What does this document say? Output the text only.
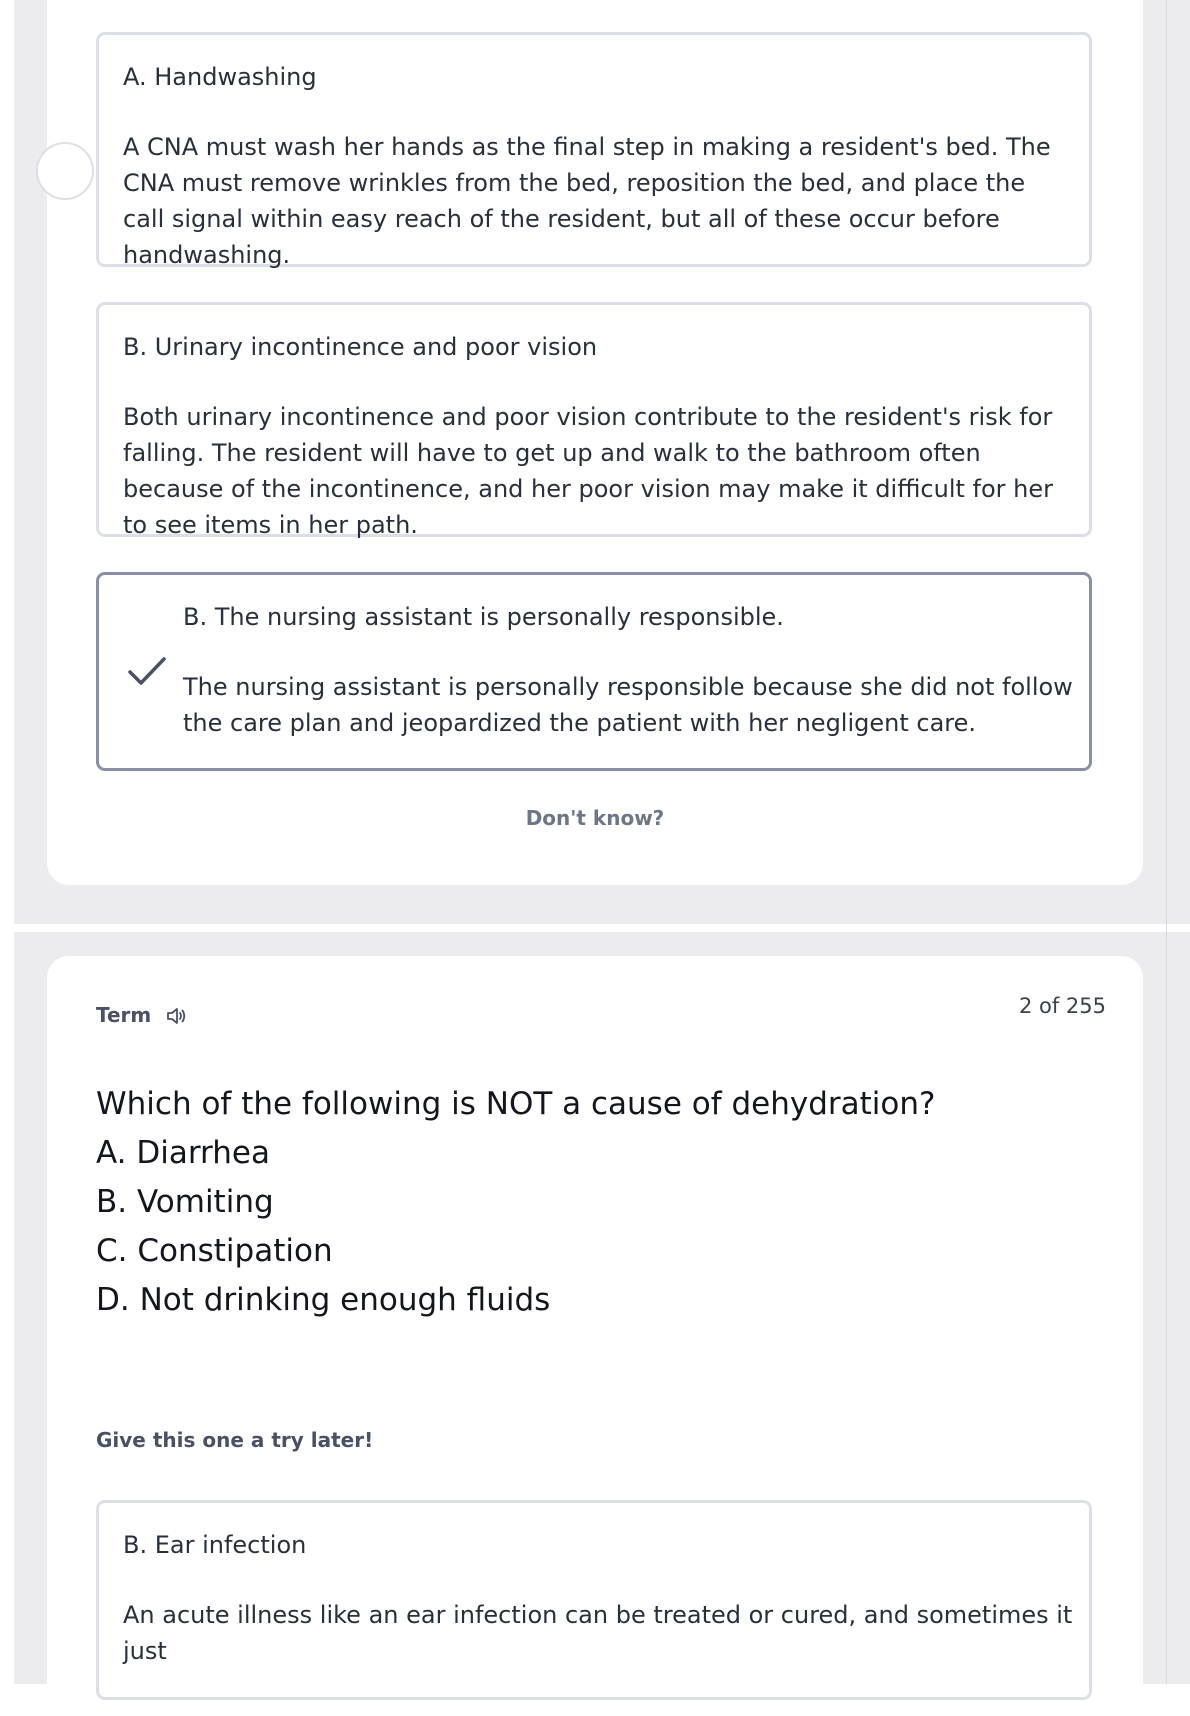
A. Handwashing
A CNA must wash her hands as the final step in making a resident's bed. The CNA must remove wrinkles from the bed, reposition the bed, and place the call signal within easy reach of the resident, but all of these occur before handwashing.
B. Urinary incontinence and poor vision
Both urinary incontinence and poor vision contribute to the resident's risk for falling. The resident will have to get up and walk to the bathroom often because of the incontinence, and her poor vision may make it difficult for her to see items in her path.
B. The nursing assistant is personally responsible.
The nursing assistant is personally responsible because she did not follow the care plan and jeopardized the patient with her negligent care.
Don't know?
Term	2 of 255
Which of the following is NOT a cause of dehydration?
A. Diarrhea
B. Vomiting
C. Constipation
D. Not drinking enough fluids
Give this one a try later!
B. Ear infection
An acute illness like an ear infection can be treated or cured, and sometimes it just
